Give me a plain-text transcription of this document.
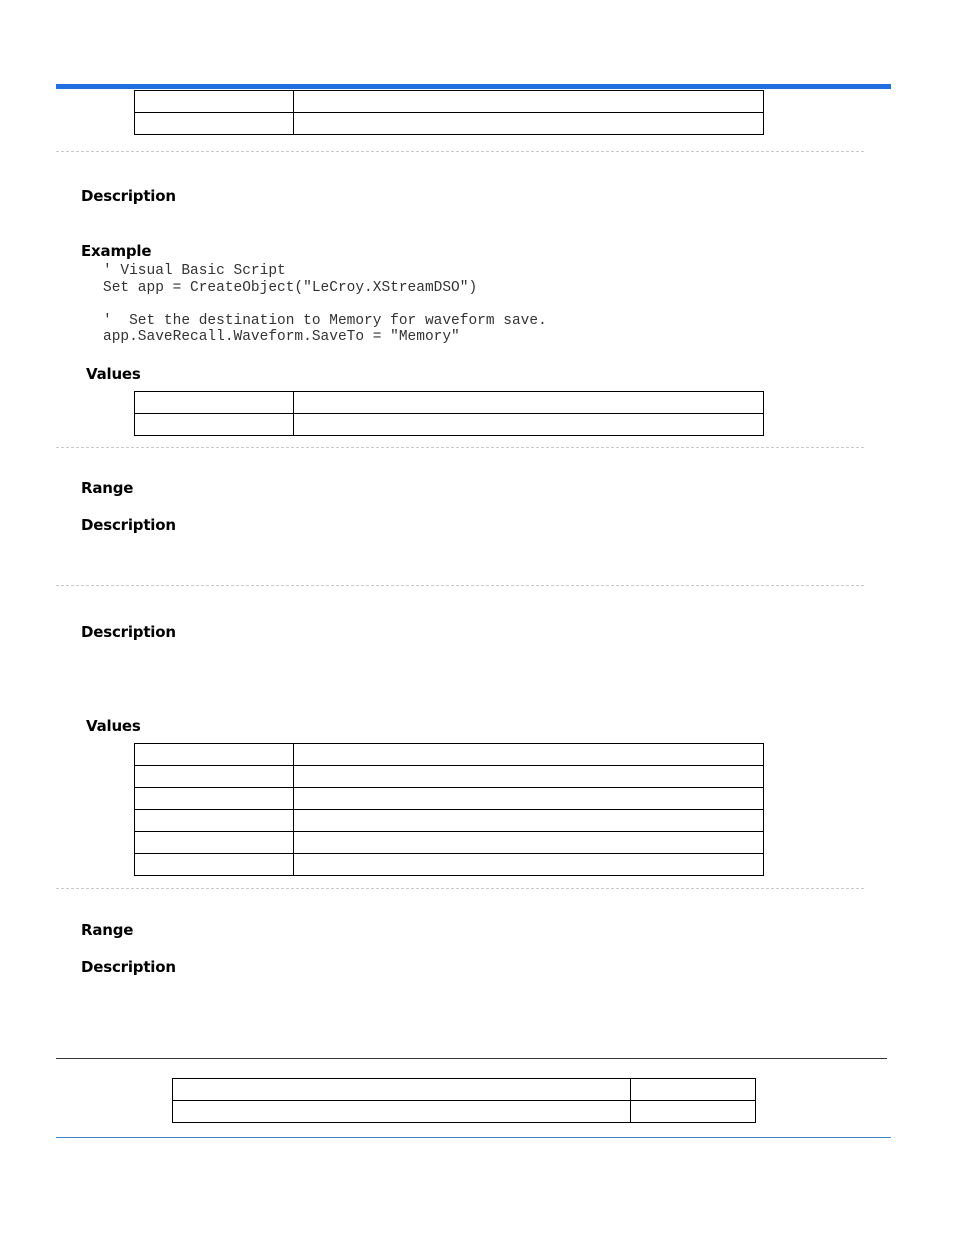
Description
Example
' Visual Basic Script
Set app = CreateObject("LeCroy.XStreamDSO")
'  Set the destination to Memory for waveform save.
app.SaveRecall.Waveform.SaveTo = "Memory"
Values

Range
Description
Description
Values

Range
Description
